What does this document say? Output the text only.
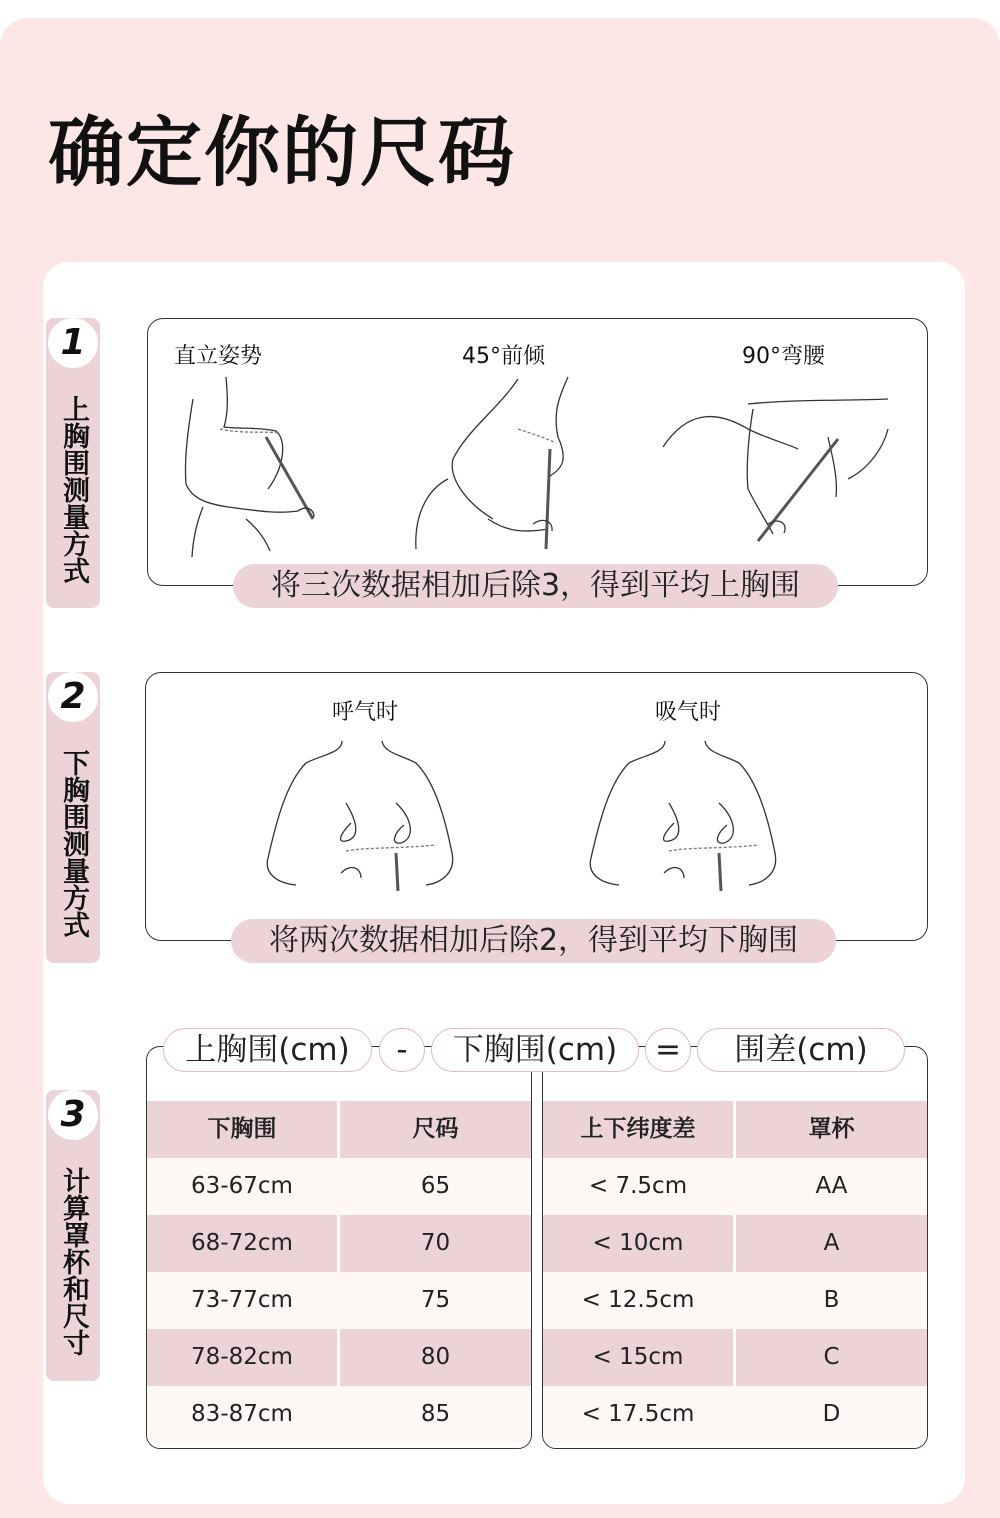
确定你的尺码
1
上胸围测量方式
直立姿势	45°前倾	90°弯腰
将三次数据相加后除3，得到平均上胸围
2
下胸围测量方式
呼气时	吸气时
将两次数据相加后除2，得到平均下胸围
3
计算罩杯和尺寸
下胸围	尺码
63-67cm	65
68-72cm	70
73-77cm	75
78-82cm	80
83-87cm	85
上下纬度差	罩杯
< 7.5cm	AA
< 10cm	A
< 12.5cm	B
< 15cm	C
< 17.5cm	D
上胸围(cm)	-	下胸围(cm)	=	围差(cm)
